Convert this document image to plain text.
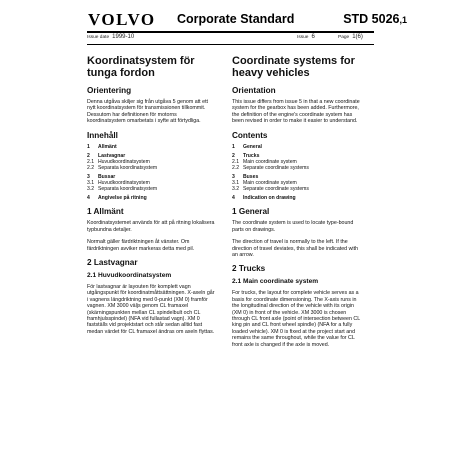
VOLVO Corporate Standard	STD 5026,1
Issue date 1999-10	Issue 6	Page 1(6)
Koordinatsystem för tunga fordon
Orientering
Denna utgåva skiljer sig från utgåva 5 genom att ett nytt koordinatsystem för transmissionen tillkommit. Dessutom har definitionen för motorns koordinatsystem omarbetats i syfte att förtydliga.
Innehåll
1	Allmänt
2	Lastvagnar
2.1 Huvudkoordinatsystem
2.2 Separata koordinatsystem
3	Bussar
3.1 Huvudkoordinatsystem
3.2 Separata koordinatsystem
4	Angivelse på ritning
1 Allmänt
Koordinatsystemet används för att på ritning lokalisera typbundna detaljer.
Normalt gäller färdriktningen åt vänster. Om färdriktningen avviker markeras detta med pil.
2 Lastvagnar
2.1 Huvudkoordinatsystem
För lastvagnar är layouten för komplett vagn utgångspunkt för koordinatmåttsättningen. X-axeln går i vagnens längdriktning med 0-punkt (XM 0) framför vagnen. XM 3000 väljs genom CL framaxel (skärningspunkten mellan CL spindelbult och CL framhjulsspindel) (NFA vid fullastad vagn). XM 0 fastställs vid projektstart och står sedan alltid fast medan värdet för CL framaxel ändras om axeln flyttas.
Coordinate systems for heavy vehicles
Orientation
This issue differs from issue 5 in that a new coordinate system for the gearbox has been added. Furthermore, the definition of the engine's coordinate system has been revised in order to make it easier to understand.
Contents
1	General
2	Trucks
2.1 Main coordinate system
2.2 Separate coordinate systems
3	Buses
3.1 Main coordinate system
3.2 Separate coordinate systems
4	Indication on drawing
1 General
The coordinate system is used to locate type-bound parts on drawings.
The direction of travel is normally to the left. If the direction of travel deviates, this shall be indicated with an arrow.
2 Trucks
2.1 Main coordinate system
For trucks, the layout for complete vehicle serves as a basis for coordinate dimensioning. The X-axis runs in the longitudinal direction of the vehicle with its origin (XM 0) in front of the vehicle. XM 3000 is chosen through CL front axle (point of intersection between CL king pin and CL front wheel spindle) (NFA for a fully loaded vehicle). XM 0 is fixed at the project start and remains the same throughout, while the value for CL front axle is changed if the axle is moved.
